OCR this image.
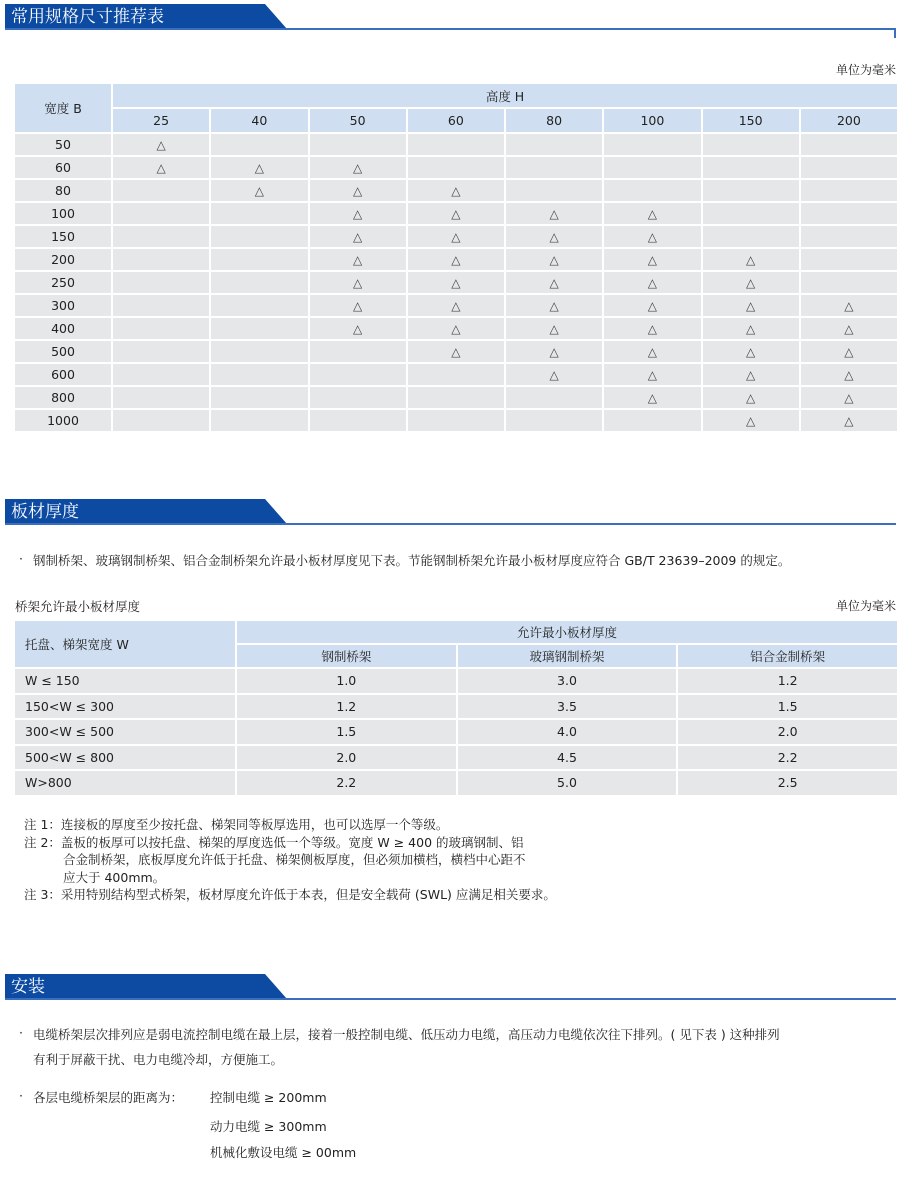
常用规格尺寸推荐表
单位为毫米
宽度 B	高度 H							
	25	40	50	60	80	100	150	200
50	△							
60	△	△	△					
80		△	△	△				
100			△	△	△	△		
150			△	△	△	△		
200			△	△	△	△	△	
250			△	△	△	△	△	
300			△	△	△	△	△	△
400			△	△	△	△	△	△
500				△	△	△	△	△
600					△	△	△	△
800						△	△	△
1000							△	△
板材厚度
· 钢制桥架、玻璃钢制桥架、铝合金制桥架允许最小板材厚度见下表。节能钢制桥架允许最小板材厚度应符合 GB/T 23639–2009 的规定。
桥架允许最小板材厚度	单位为毫米
托盘、梯架宽度 W	允许最小板材厚度		
	钢制桥架	玻璃钢制桥架	铝合金制桥架
W ≤ 150	1.0	3.0	1.2
150<W ≤ 300	1.2	3.5	1.5
300<W ≤ 500	1.5	4.0	2.0
500<W ≤ 800	2.0	4.5	2.2
W>800	2.2	5.0	2.5
注 1：连接板的厚度至少按托盘、梯架同等板厚选用，也可以选厚一个等级。
注 2：盖板的板厚可以按托盘、梯架的厚度选低一个等级。宽度 W ≥ 400 的玻璃钢制、铝
合金制桥架，底板厚度允许低于托盘、梯架侧板厚度，但必须加横档，横档中心距不
应大于 400mm。
注 3：采用特别结构型式桥架，板材厚度允许低于本表，但是安全载荷 (SWL) 应满足相关要求。
安装
· 电缆桥架层次排列应是弱电流控制电缆在最上层，接着一般控制电缆、低压动力电缆，高压动力电缆依次往下排列。( 见下表 ) 这种排列
有利于屏蔽干扰、电力电缆冷却，方便施工。
· 各层电缆桥架层的距离为： 控制电缆 ≥ 200mm
动力电缆 ≥ 300mm
机械化敷设电缆 ≥ 00mm
